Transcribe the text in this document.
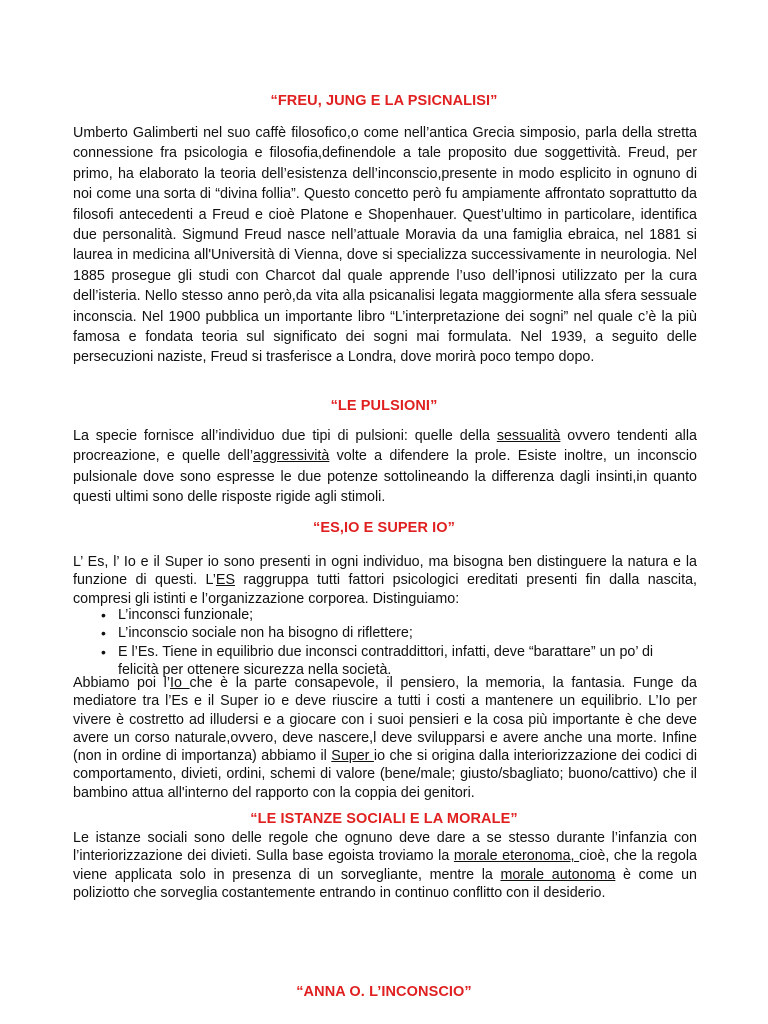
“FREU, JUNG E LA PSICNALISI”
Umberto Galimberti nel suo caffè filosofico,o come nell’antica Grecia simposio, parla della stretta connessione fra psicologia e filosofia,definendole a tale proposito due soggettività. Freud, per primo, ha elaborato la teoria dell’esistenza dell’inconscio,presente in modo esplicito in ognuno di noi come una sorta di “divina follia”. Questo concetto però fu ampiamente affrontato soprattutto da filosofi antecedenti a Freud e cioè Platone e Shopenhauer. Quest’ultimo in particolare, identifica due personalità. Sigmund Freud nasce nell’attuale Moravia da una famiglia ebraica, nel 1881 si laurea in medicina all'Università di Vienna, dove si specializza successivamente in neurologia. Nel 1885 prosegue gli studi con Charcot dal quale apprende l’uso dell’ipnosi utilizzato per la cura dell’isteria. Nello stesso anno però,da vita alla psicanalisi legata maggiormente alla sfera sessuale inconscia. Nel 1900 pubblica un importante libro “L’interpretazione dei sogni” nel quale c’è la più famosa e fondata teoria sul significato dei sogni mai formulata. Nel 1939, a seguito delle persecuzioni naziste, Freud si trasferisce a Londra, dove morirà poco tempo dopo.
“LE PULSIONI”
La specie fornisce all’individuo due tipi di pulsioni: quelle della sessualità ovvero tendenti alla procreazione, e quelle dell’aggressività volte a difendere la prole. Esiste inoltre, un inconscio pulsionale dove sono espresse le due potenze sottolineando la differenza dagli insinti,in quanto questi ultimi sono delle risposte rigide agli stimoli.
“ES,IO E SUPER IO”
L’ Es, l’ Io e il Super io sono presenti in ogni individuo, ma bisogna ben distinguere la natura e la funzione di questi. L’ES raggruppa tutti fattori psicologici ereditati presenti fin dalla nascita, compresi gli istinti e l’organizzazione corporea. Distinguiamo:
• L’inconsci funzionale;
• L’inconscio sociale non ha bisogno di riflettere;
• E l’Es. Tiene in equilibrio due inconsci contraddittori, infatti, deve “barattare” un po’ di felicità per ottenere sicurezza nella società.
Abbiamo poi l’Io che è la parte consapevole, il pensiero, la memoria, la fantasia. Funge da mediatore tra l’Es e il Super io e deve riuscire a tutti i costi a mantenere un equilibrio. L’Io per vivere è costretto ad illudersi e a giocare con i suoi pensieri e la cosa più importante è che deve avere un corso naturale,ovvero, deve nascere,l deve svilupparsi e avere anche una morte. Infine (non in ordine di importanza) abbiamo il Super io che si origina dalla interiorizzazione dei codici di comportamento, divieti, ordini, schemi di valore (bene/male; giusto/sbagliato; buono/cattivo) che il bambino attua all'interno del rapporto con la coppia dei genitori.
“LE ISTANZE SOCIALI E LA MORALE”
Le istanze sociali sono delle regole che ognuno deve dare a se stesso durante l’infanzia con l’interiorizzazione dei divieti. Sulla base egoista troviamo la morale eteronoma, cioè, che la regola viene applicata solo in presenza di un sorvegliante, mentre la morale autonoma è come un poliziotto che sorveglia costantemente entrando in continuo conflitto con il desiderio.
“ANNA O. L’INCONSCIO”
